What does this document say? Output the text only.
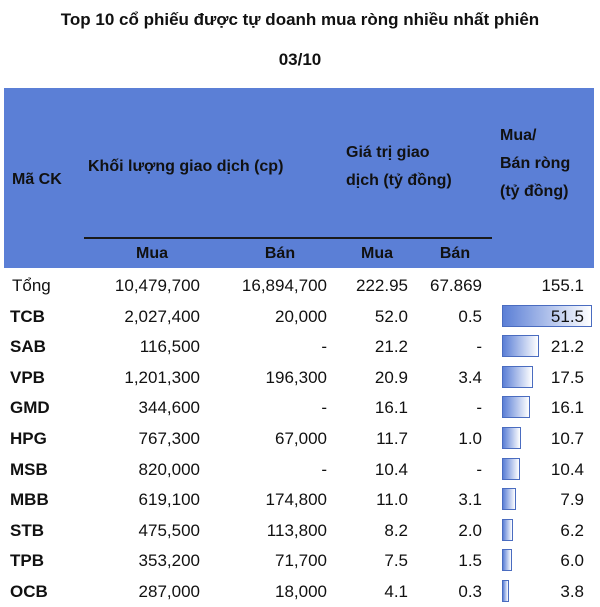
Top 10 cổ phiếu được tự doanh mua ròng nhiều nhất phiên
03/10
Mã CK
Khối lượng giao dịch (cp)
Giá trị giao
dịch (tỷ đồng)
Mua/
Bán ròng
(tỷ đồng)
Mua	Bán	Mua	Bán
Tổng	10,479,700 16,894,700 222.95 67.869	155.1
TCB	2,027,400	20,000	52.0	0.5	51.5
SAB	116,500	-	21.2	-	21.2
VPB	1,201,300	196,300	20.9	3.4	17.5
GMD	344,600	-	16.1	-	16.1
HPG	767,300	67,000	11.7	1.0	10.7
MSB	820,000	-	10.4	-	10.4
MBB	619,100	174,800	11.0	3.1	7.9
STB	475,500	113,800	8.2	2.0	6.2
TPB	353,200	71,700	7.5	1.5	6.0
OCB	287,000	18,000	4.1	0.3	3.8
